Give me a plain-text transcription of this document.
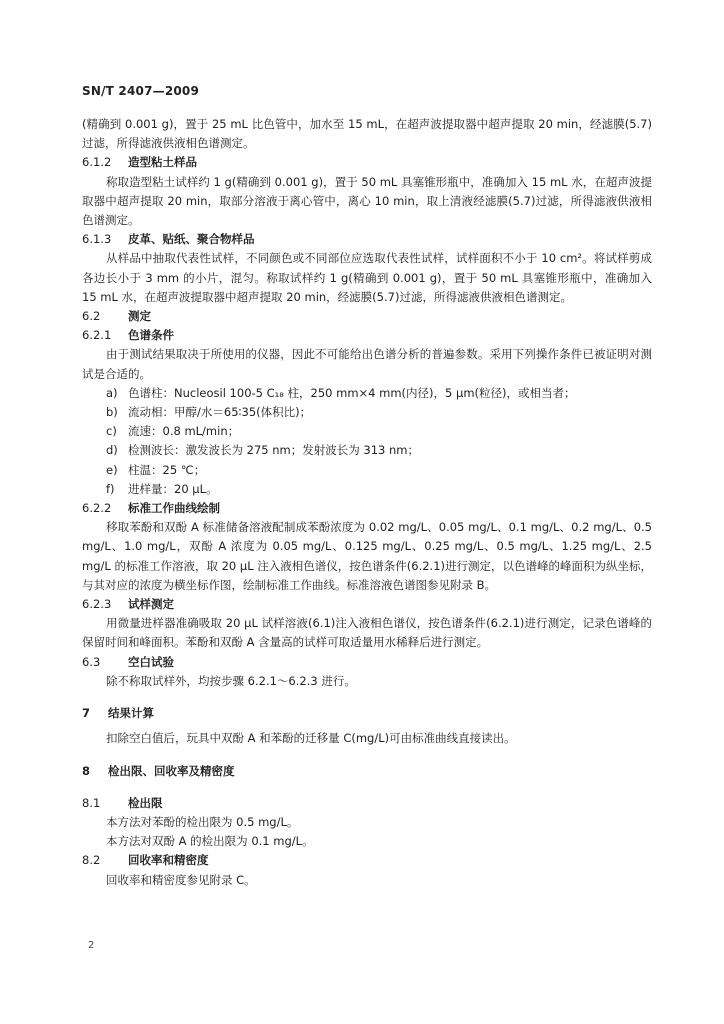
SN/T 2407—2009

(精确到 0.001 g)，置于 25 mL 比色管中，加水至 15 mL，在超声波提取器中超声提取 20 min，经滤膜(5.7)过滤，所得滤液供液相色谱测定。

6.1.2 造型粘土样品

称取造型粘土试样约 1 g(精确到 0.001 g)，置于 50 mL 具塞锥形瓶中，准确加入 15 mL 水，在超声波提取器中超声提取 20 min，取部分溶液于离心管中，离心 10 min，取上清液经滤膜(5.7)过滤，所得滤液供液相色谱测定。

6.1.3 皮革、贴纸、聚合物样品

从样品中抽取代表性试样，不同颜色或不同部位应选取代表性试样，试样面积不小于 10 cm²。将试样剪成各边长小于 3 mm 的小片，混匀。称取试样约 1 g(精确到 0.001 g)，置于 50 mL 具塞锥形瓶中，准确加入 15 mL 水，在超声波提取器中超声提取 20 min，经滤膜(5.7)过滤，所得滤液供液相色谱测定。

6.2 测定

6.2.1 色谱条件

由于测试结果取决于所使用的仪器，因此不可能给出色谱分析的普遍参数。采用下列操作条件已被证明对测试是合适的。

a) 色谱柱：Nucleosil 100-5 C₁₈ 柱，250 mm×4 mm(内径)，5 μm(粒径)，或相当者；

b) 流动相：甲醇/水＝65∶35(体积比)；

c) 流速：0.8 mL/min；

d) 检测波长：激发波长为 275 nm；发射波长为 313 nm；

e) 柱温：25 ℃；

f) 进样量：20 μL。

6.2.2 标准工作曲线绘制

移取苯酚和双酚 A 标准储备溶液配制成苯酚浓度为 0.02 mg/L、0.05 mg/L、0.1 mg/L、0.2 mg/L、0.5 mg/L、1.0 mg/L，双酚 A 浓度为 0.05 mg/L、0.125 mg/L、0.25 mg/L、0.5 mg/L、1.25 mg/L、2.5 mg/L 的标准工作溶液，取 20 μL 注入液相色谱仪，按色谱条件(6.2.1)进行测定，以色谱峰的峰面积为纵坐标，与其对应的浓度为横坐标作图，绘制标准工作曲线。标准溶液色谱图参见附录 B。

6.2.3 试样测定

用微量进样器准确吸取 20 μL 试样溶液(6.1)注入液相色谱仪，按色谱条件(6.2.1)进行测定，记录色谱峰的保留时间和峰面积。苯酚和双酚 A 含量高的试样可取适量用水稀释后进行测定。

6.3 空白试验

除不称取试样外，均按步骤 6.2.1～6.2.3 进行。

7 结果计算

扣除空白值后，玩具中双酚 A 和苯酚的迁移量 C(mg/L)可由标准曲线直接读出。

8 检出限、回收率及精密度

8.1 检出限

本方法对苯酚的检出限为 0.5 mg/L。

本方法对双酚 A 的检出限为 0.1 mg/L。

8.2 回收率和精密度

回收率和精密度参见附录 C。

2
